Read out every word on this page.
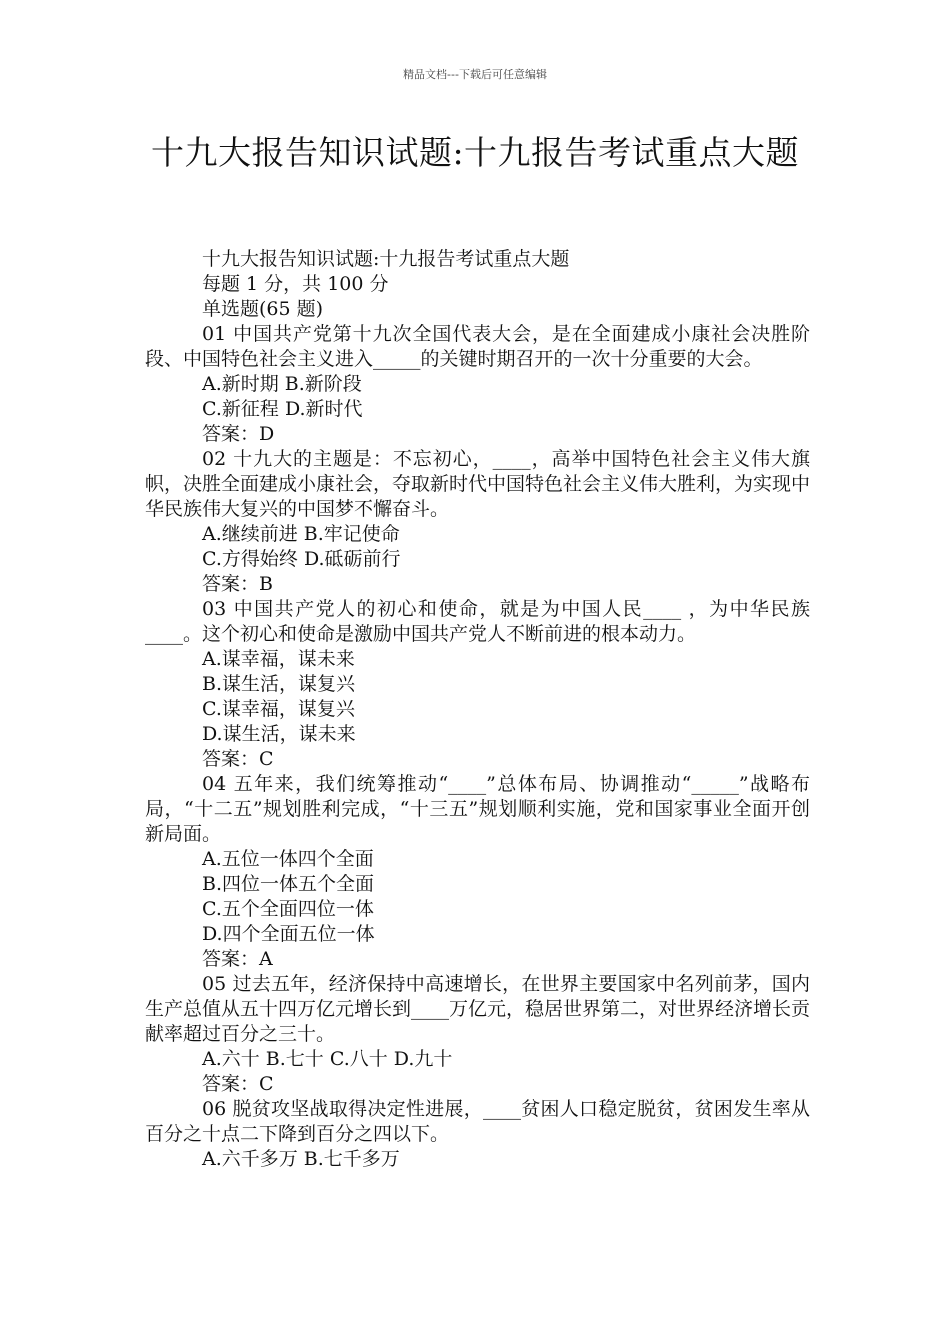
精品文档---下载后可任意编辑
十九大报告知识试题:十九报告考试重点大题

十九大报告知识试题:十九报告考试重点大题

每题 1 分，共 100 分

单选题(65 题)

01 中国共产党第十九次全国代表大会，是在全面建成小康社会决胜阶段、中国特色社会主义进入_____的关键时期召开的一次十分重要的大会。

A.新时期 B.新阶段

C.新征程 D.新时代

答案：D

02 十九大的主题是：不忘初心，____，高举中国特色社会主义伟大旗帜，决胜全面建成小康社会，夺取新时代中国特色社会主义伟大胜利，为实现中华民族伟大复兴的中国梦不懈奋斗。

A.继续前进 B.牢记使命

C.方得始终 D.砥砺前行

答案：B

03 中国共产党人的初心和使命，就是为中国人民____ ，为中华民族____。这个初心和使命是激励中国共产党人不断前进的根本动力。

A.谋幸福，谋未来

B.谋生活，谋复兴

C.谋幸福，谋复兴

D.谋生活，谋未来

答案：C

04 五年来，我们统筹推动“____”总体布局、协调推动“_____”战略布局，“十二五”规划胜利完成，“十三五”规划顺利实施，党和国家事业全面开创新局面。

A.五位一体四个全面

B.四位一体五个全面

C.五个全面四位一体

D.四个全面五位一体

答案：A

05 过去五年，经济保持中高速增长，在世界主要国家中名列前茅，国内生产总值从五十四万亿元增长到____万亿元，稳居世界第二，对世界经济增长贡献率超过百分之三十。

A.六十 B.七十 C.八十 D.九十

答案：C

06 脱贫攻坚战取得决定性进展，____贫困人口稳定脱贫，贫困发生率从百分之十点二下降到百分之四以下。

A.六千多万 B.七千多万
